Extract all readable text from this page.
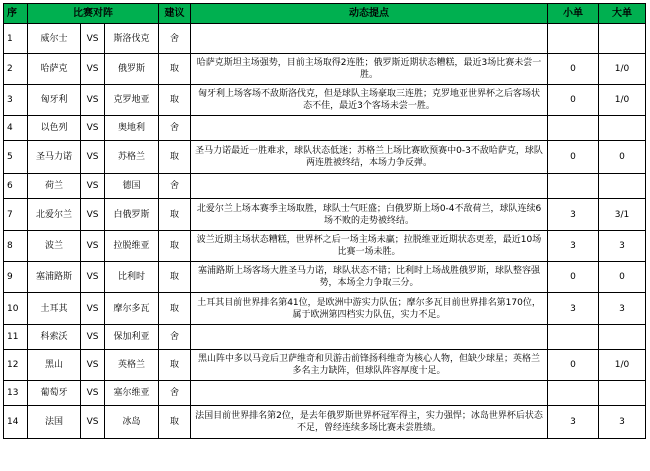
序	比赛对阵			建议	动态提点	小单	大单
1	威尔士	VS	斯洛伐克	舍			
2	哈萨克	VS	俄罗斯	取	哈萨克斯坦主场强势，目前主场取得2连胜；俄罗斯近期状态糟糕，最近3场比赛未尝一胜。	0	1/0
3	匈牙利	VS	克罗地亚	取	匈牙利上场客场不敌斯洛伐克，但是球队主场豪取三连胜；克罗地亚世界杯之后客场状态不佳，最近3个客场未尝一胜。	0	1/0
4	以色列	VS	奥地利	舍			
5	圣马力诺	VS	苏格兰	取	圣马力诺最近一胜难求，球队状态低迷；苏格兰上场比赛欧预赛中0-3不敌哈萨克，球队两连胜被终结，本场力争反弹。	0	0
6	荷兰	VS	德国	舍			
7	北爱尔兰	VS	白俄罗斯	取	北爱尔兰上场本赛季主场取胜，球队士气旺盛；白俄罗斯上场0-4不敌荷兰，球队连续6场不败的走势被终结。	3	3/1
8	波兰	VS	拉脱维亚	取	波兰近期主场状态糟糕，世界杯之后一场主场未赢；拉脱维亚近期状态更差，最近10场比赛一场未胜。	3	3
9	塞浦路斯	VS	比利时	取	塞浦路斯上场客场大胜圣马力诺，球队状态不错；比利时上场战胜俄罗斯，球队整容强势，本场全力争取三分。	0	0
10	土耳其	VS	摩尔多瓦	取	土耳其目前世界排名第41位，是欧洲中游实力队伍；摩尔多瓦目前世界排名第170位，属于欧洲第四档实力队伍，实力不足。	3	3
11	科索沃	VS	保加利亚	舍			
12	黑山	VS	英格兰	取	黑山阵中多以马竞后卫萨维奇和贝游击前锋扬科维奇为核心人物，但缺少球星；英格兰多名主力缺阵，但球队阵容厚度十足。	0	1/0
13	葡萄牙	VS	塞尔维亚	舍			
14	法国	VS	冰岛	取	法国目前世界排名第2位，是去年俄罗斯世界杯冠军得主，实力强悍；冰岛世界杯后状态不足，曾经连续多场比赛未尝胜绩。	3	3
